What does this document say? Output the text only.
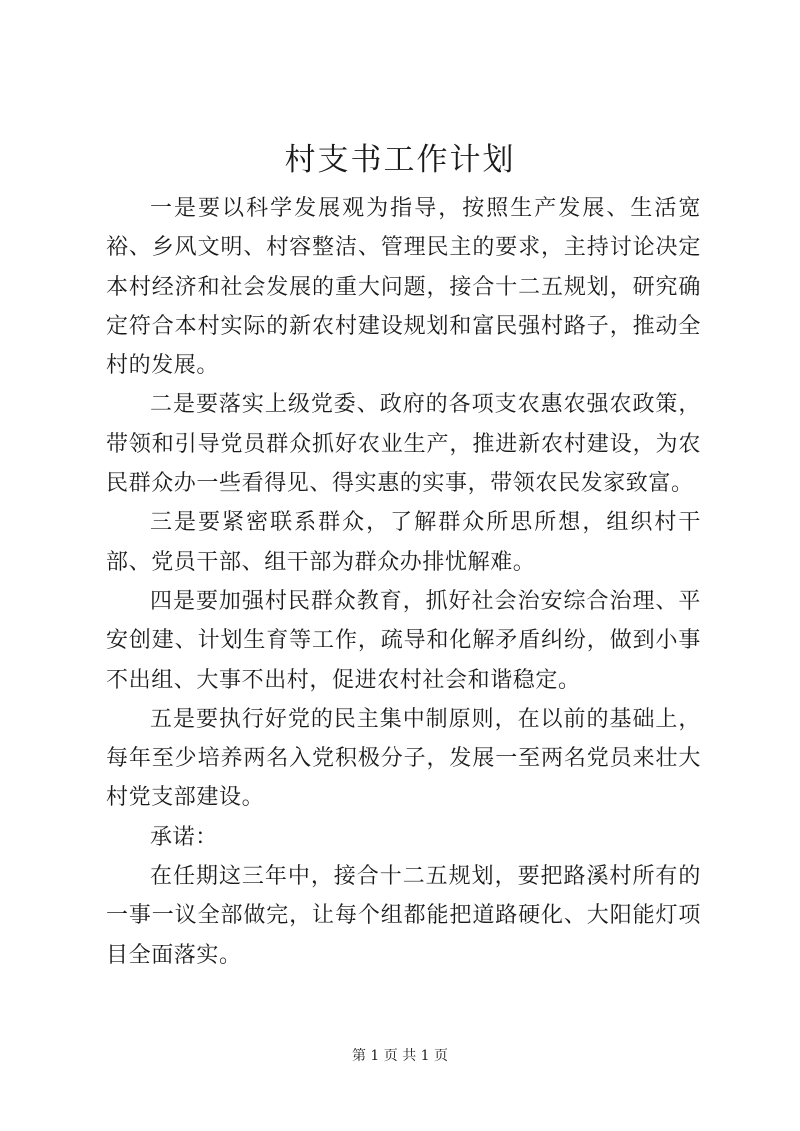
村支书工作计划

一是要以科学发展观为指导，按照生产发展、生活宽裕、乡风文明、村容整洁、管理民主的要求，主持讨论决定本村经济和社会发展的重大问题，接合十二五规划，研究确定符合本村实际的新农村建设规划和富民强村路子，推动全村的发展。

二是要落实上级党委、政府的各项支农惠农强农政策，带领和引导党员群众抓好农业生产，推进新农村建设，为农民群众办一些看得见、得实惠的实事，带领农民发家致富。

三是要紧密联系群众，了解群众所思所想，组织村干部、党员干部、组干部为群众办排忧解难。

四是要加强村民群众教育，抓好社会治安综合治理、平安创建、计划生育等工作，疏导和化解矛盾纠纷，做到小事不出组、大事不出村，促进农村社会和谐稳定。

五是要执行好党的民主集中制原则，在以前的基础上，每年至少培养两名入党积极分子，发展一至两名党员来壮大村党支部建设。

承诺：

在任期这三年中，接合十二五规划，要把路溪村所有的一事一议全部做完，让每个组都能把道路硬化、大阳能灯项目全面落实。

第 1 页 共 1 页
